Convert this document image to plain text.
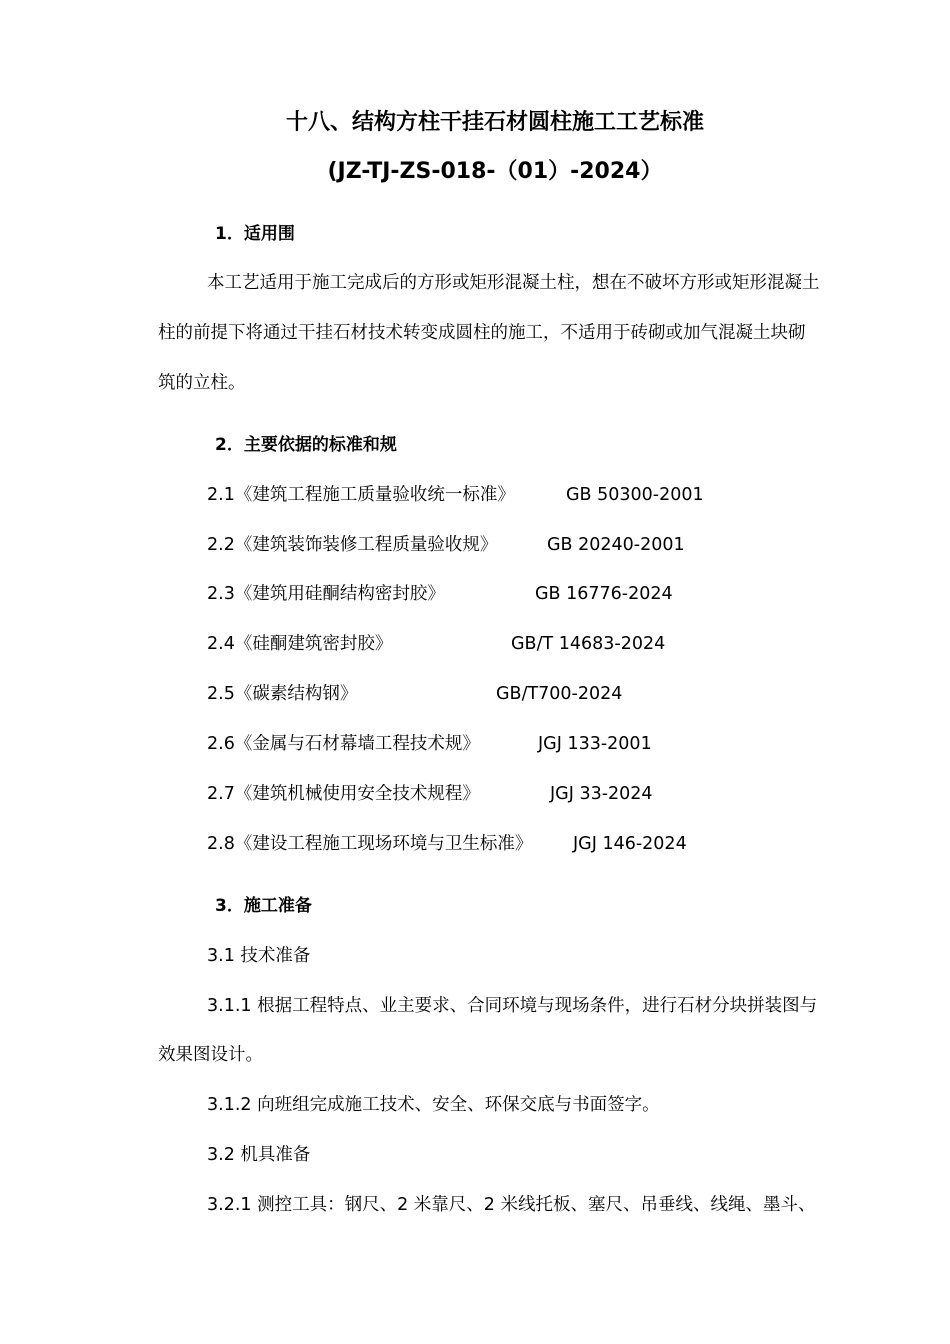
十八、结构方柱干挂石材圆柱施工工艺标准
(JZ-TJ-ZS-018-（01）-2024）
1．适用围
本工艺适用于施工完成后的方形或矩形混凝土柱，想在不破坏方形或矩形混凝土
柱的前提下将通过干挂石材技术转变成圆柱的施工，不适用于砖砌或加气混凝土块砌
筑的立柱。
2．主要依据的标准和规
2.1《建筑工程施工质量验收统一标准》	GB 50300-2001
2.2《建筑装饰装修工程质量验收规》	GB 20240-2001
2.3《建筑用硅酮结构密封胶》	GB 16776-2024
2.4《硅酮建筑密封胶》	GB/T 14683-2024
2.5《碳素结构钢》	GB/T700-2024
2.6《金属与石材幕墙工程技术规》	JGJ 133-2001
2.7《建筑机械使用安全技术规程》	JGJ 33-2024
2.8《建设工程施工现场环境与卫生标准》 JGJ 146-2024
3．施工准备
3.1 技术准备
3.1.1 根据工程特点、业主要求、合同环境与现场条件，进行石材分块拼装图与
效果图设计。
3.1.2 向班组完成施工技术、安全、环保交底与书面签字。
3.2 机具准备
3.2.1 测控工具：钢尺、2 米靠尺、2 米线托板、塞尺、吊垂线、线绳、墨斗、
